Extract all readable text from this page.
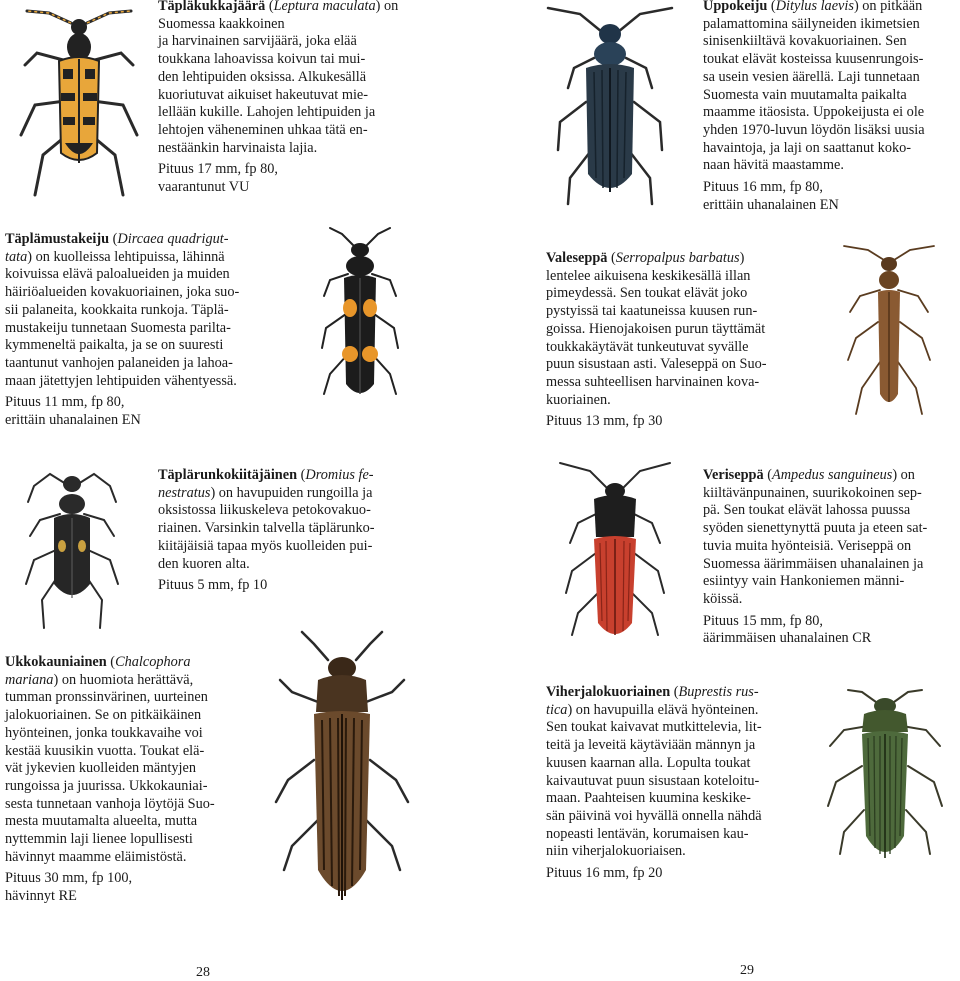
Täpläkukkajäärä (Leptura maculata) on Suomessa kaakkoinen

ja harvinainen sarvijäärä, joka elää

toukkana lahoavissa koivun tai mui-

den lehtipuiden oksissa. Alkukesällä

kuoriutuvat aikuiset hakeutuvat mie-

lellään kukille. Lahojen lehtipuiden ja

lehtojen väheneminen uhkaa tätä en-

nestäänkin harvinaista lajia.

Pituus 17 mm, fp 80,

vaarantunut VU

Täplämustakeiju (Dircaea quadrigut-

tata) on kuolleissa lehtipuissa, lähinnä

koivuissa elävä paloalueiden ja muiden

häiriöalueiden kovakuoriainen, joka suo-

sii palaneita, kookkaita runkoja. Täplä-

mustakeiju tunnetaan Suomesta parilta-

kymmeneltä paikalta, ja se on suuresti

taantunut vanhojen palaneiden ja lahoa-

maan jätettyjen lehtipuiden vähentyessä.

Pituus 11 mm, fp 80,

erittäin uhanalainen EN

Täplärunkokiitäjäinen (Dromius fe-

nestratus) on havupuiden rungoilla ja

oksistossa liikuskeleva petokovakuo-

riainen. Varsinkin talvella täplärunko-

kiitäjäisiä tapaa myös kuolleiden pui-

den kuoren alta.

Pituus 5 mm, fp 10

Ukkokauniainen (Chalcophora

mariana) on huomiota herättävä,

tumman pronssinvärinen, uurteinen

jalokuoriainen. Se on pitkäikäinen

hyönteinen, jonka toukkavaihe voi

kestää kuusikin vuotta. Toukat elä-

vät jykevien kuolleiden mäntyjen

rungoissa ja juurissa. Ukkokauniai-

sesta tunnetaan vanhoja löytöjä Suo-

mesta muutamalta alueelta, mutta

nyttemmin laji lienee lopullisesti

hävinnyt maamme eläimistöstä.

Pituus 30 mm, fp 100,

hävinnyt RE

28

Uppokeiju (Ditylus laevis) on pitkään

palamattomina säilyneiden ikimetsien

sinisenkiiltävä kovakuoriainen. Sen

toukat elävät kosteissa kuusenrungois-

sa usein vesien äärellä. Laji tunnetaan

Suomesta vain muutamalta paikalta

maamme itäosista. Uppokeijusta ei ole

yhden 1970-luvun löydön lisäksi uusia

havaintoja, ja laji on saattanut koko-

naan hävitä maastamme.

Pituus 16 mm, fp 80,

erittäin uhanalainen EN

Valeseppä (Serropalpus barbatus)

lentelee aikuisena keskikesällä illan

pimeydessä. Sen toukat elävät joko

pystyissä tai kaatuneissa kuusen run-

goissa. Hienojakoisen purun täyttämät

toukkakäytävät tunkeutuvat syvälle

puun sisustaan asti. Valeseppä on Suo-

messa suhteellisen harvinainen kova-

kuoriainen.

Pituus 13 mm, fp 30

Veriseppä (Ampedus sanguineus) on

kiiltävänpunainen, suurikokoinen sep-

pä. Sen toukat elävät lahossa puussa

syöden sienettynyttä puuta ja eteen sat-

tuvia muita hyönteisiä. Veriseppä on

Suomessa äärimmäisen uhanalainen ja

esiintyy vain Hankoniemen männi-

köissä.

Pituus 15 mm, fp 80,

äärimmäisen uhanalainen CR

Viherjalokuoriainen (Buprestis rus-

tica) on havupuilla elävä hyönteinen.

Sen toukat kaivavat mutkittelevia, lit-

teitä ja leveitä käytäviään männyn ja

kuusen kaarnan alla. Lopulta toukat

kaivautuvat puun sisustaan koteloitu-

maan. Paahteisen kuumina keskike-

sän päivinä voi hyvällä onnella nähdä

nopeasti lentävän, korumaisen kau-

niin viherjalokuoriaisen.

Pituus 16 mm, fp 20

29
